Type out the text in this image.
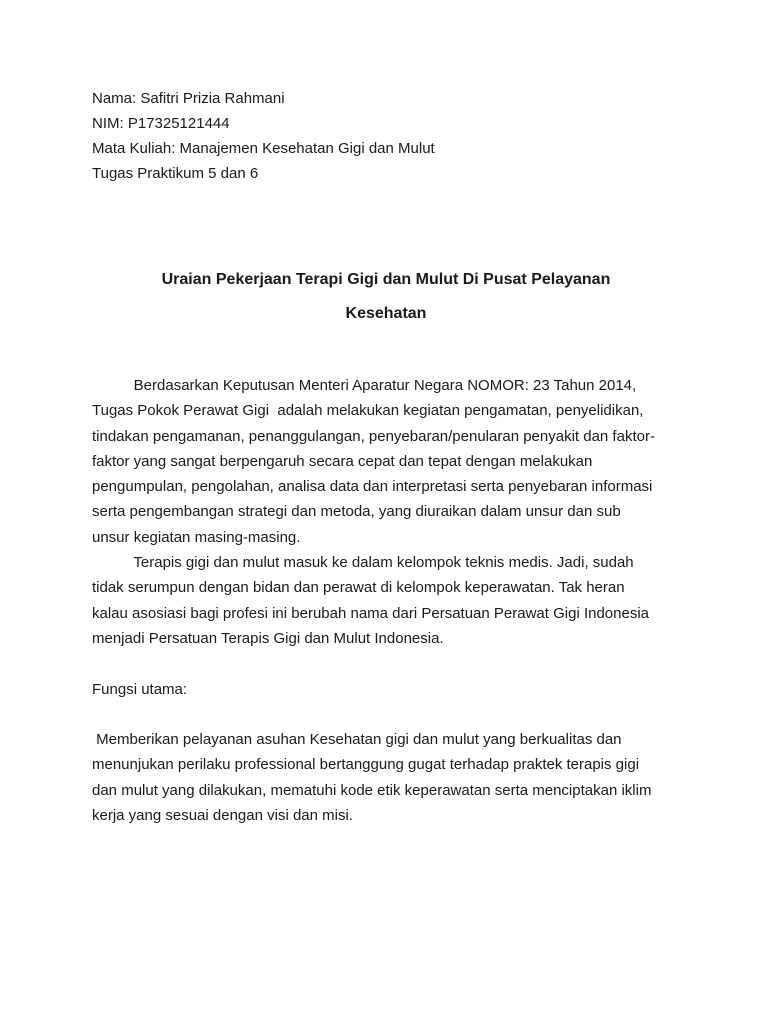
Nama: Safitri Prizia Rahmani
NIM: P17325121444
Mata Kuliah: Manajemen Kesehatan Gigi dan Mulut
Tugas Praktikum 5 dan 6
Uraian Pekerjaan Terapi Gigi dan Mulut Di Pusat Pelayanan
Kesehatan
Berdasarkan Keputusan Menteri Aparatur Negara NOMOR: 23 Tahun 2014,
Tugas Pokok Perawat Gigi  adalah melakukan kegiatan pengamatan, penyelidikan,
tindakan pengamanan, penanggulangan, penyebaran/penularan penyakit dan faktor-
faktor yang sangat berpengaruh secara cepat dan tepat dengan melakukan
pengumpulan, pengolahan, analisa data dan interpretasi serta penyebaran informasi
serta pengembangan strategi dan metoda, yang diuraikan dalam unsur dan sub
unsur kegiatan masing-masing.
Terapis gigi dan mulut masuk ke dalam kelompok teknis medis. Jadi, sudah
tidak serumpun dengan bidan dan perawat di kelompok keperawatan. Tak heran
kalau asosiasi bagi profesi ini berubah nama dari Persatuan Perawat Gigi Indonesia
menjadi Persatuan Terapis Gigi dan Mulut Indonesia.
Fungsi utama:
Memberikan pelayanan asuhan Kesehatan gigi dan mulut yang berkualitas dan
menunjukan perilaku professional bertanggung gugat terhadap praktek terapis gigi
dan mulut yang dilakukan, mematuhi kode etik keperawatan serta menciptakan iklim
kerja yang sesuai dengan visi dan misi.
